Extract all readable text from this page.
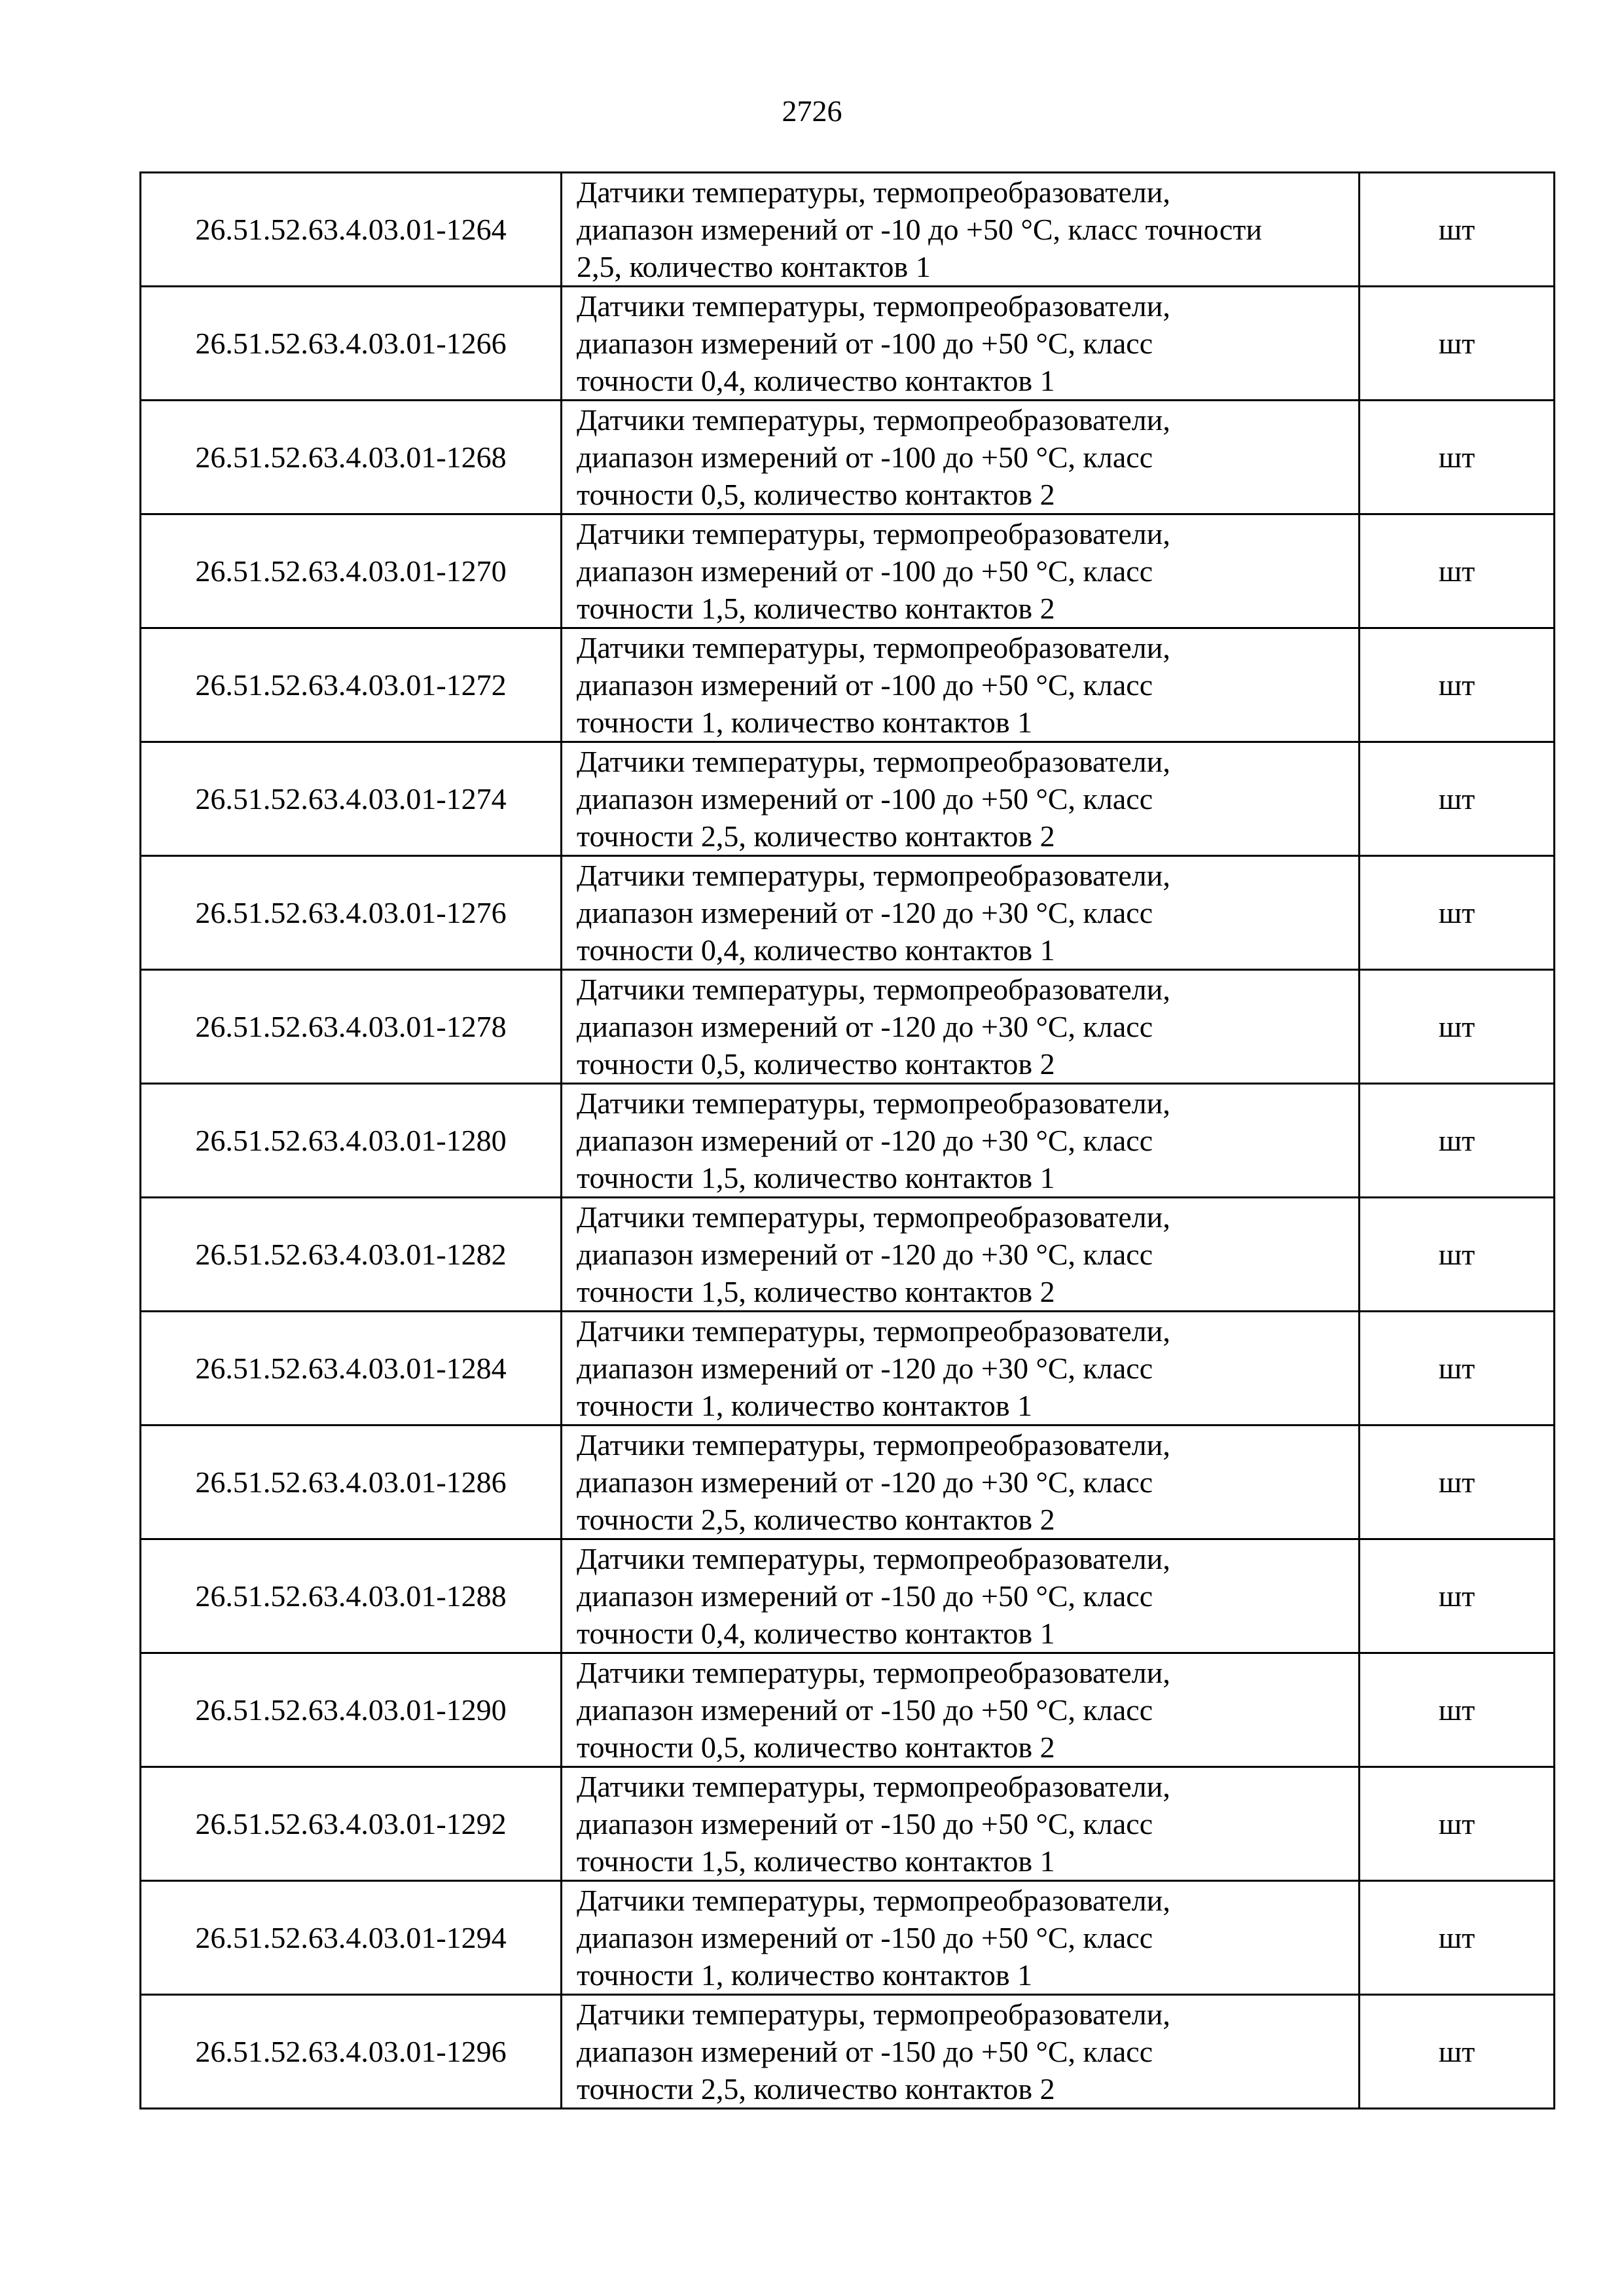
2726
26.51.52.63.4.03.01-1264	Датчики температуры, термопреобразователи,
диапазон измерений от -10 до +50 °C, класс точности
2,5, количество контактов 1	шт
26.51.52.63.4.03.01-1266	Датчики температуры, термопреобразователи,
диапазон измерений от -100 до +50 °C, класс
точности 0,4, количество контактов 1	шт
26.51.52.63.4.03.01-1268	Датчики температуры, термопреобразователи,
диапазон измерений от -100 до +50 °C, класс
точности 0,5, количество контактов 2	шт
26.51.52.63.4.03.01-1270	Датчики температуры, термопреобразователи,
диапазон измерений от -100 до +50 °C, класс
точности 1,5, количество контактов 2	шт
26.51.52.63.4.03.01-1272	Датчики температуры, термопреобразователи,
диапазон измерений от -100 до +50 °C, класс
точности 1, количество контактов 1	шт
26.51.52.63.4.03.01-1274	Датчики температуры, термопреобразователи,
диапазон измерений от -100 до +50 °C, класс
точности 2,5, количество контактов 2	шт
26.51.52.63.4.03.01-1276	Датчики температуры, термопреобразователи,
диапазон измерений от -120 до +30 °C, класс
точности 0,4, количество контактов 1	шт
26.51.52.63.4.03.01-1278	Датчики температуры, термопреобразователи,
диапазон измерений от -120 до +30 °C, класс
точности 0,5, количество контактов 2	шт
26.51.52.63.4.03.01-1280	Датчики температуры, термопреобразователи,
диапазон измерений от -120 до +30 °C, класс
точности 1,5, количество контактов 1	шт
26.51.52.63.4.03.01-1282	Датчики температуры, термопреобразователи,
диапазон измерений от -120 до +30 °C, класс
точности 1,5, количество контактов 2	шт
26.51.52.63.4.03.01-1284	Датчики температуры, термопреобразователи,
диапазон измерений от -120 до +30 °C, класс
точности 1, количество контактов 1	шт
26.51.52.63.4.03.01-1286	Датчики температуры, термопреобразователи,
диапазон измерений от -120 до +30 °C, класс
точности 2,5, количество контактов 2	шт
26.51.52.63.4.03.01-1288	Датчики температуры, термопреобразователи,
диапазон измерений от -150 до +50 °C, класс
точности 0,4, количество контактов 1	шт
26.51.52.63.4.03.01-1290	Датчики температуры, термопреобразователи,
диапазон измерений от -150 до +50 °C, класс
точности 0,5, количество контактов 2	шт
26.51.52.63.4.03.01-1292	Датчики температуры, термопреобразователи,
диапазон измерений от -150 до +50 °C, класс
точности 1,5, количество контактов 1	шт
26.51.52.63.4.03.01-1294	Датчики температуры, термопреобразователи,
диапазон измерений от -150 до +50 °C, класс
точности 1, количество контактов 1	шт
26.51.52.63.4.03.01-1296	Датчики температуры, термопреобразователи,
диапазон измерений от -150 до +50 °C, класс
точности 2,5, количество контактов 2	шт
